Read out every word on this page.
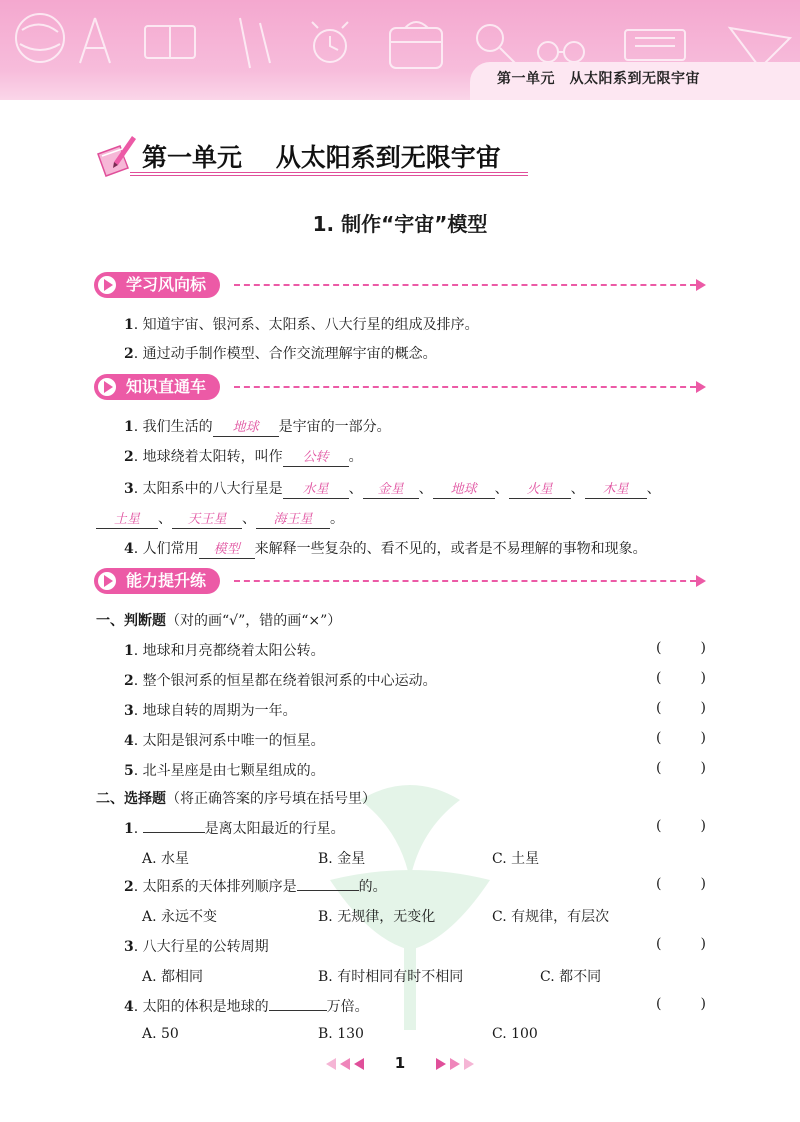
第一单元　从太阳系到无限宇宙
第一单元　 从太阳系到无限宇宙
1. 制作“宇宙”模型
学习风向标
1. 知道宇宙、银河系、太阳系、八大行星的组成及排序。
2. 通过动手制作模型、合作交流理解宇宙的概念。
知识直通车
1. 我们生活的 地球 是宇宙的一部分。
2. 地球绕着太阳转，叫作 公转 。
3. 太阳系中的八大行星是 水星 、 金星 、 地球 、 火星 、 木星 、
土星 、 天王星 、 海王星 。
4. 人们常用 模型 来解释一些复杂的、看不见的，或者是不易理解的事物和现象。
能力提升练
一、判断题（对的画“√”，错的画“×”）
1. 地球和月亮都绕着太阳公转。	(	)
2. 整个银河系的恒星都在绕着银河系的中心运动。	(	)
3. 地球自转的周期为一年。	(	)
4. 太阳是银河系中唯一的恒星。	(	)
5. 北斗星座是由七颗星组成的。	(	)
二、选择题（将正确答案的序号填在括号里）
1.	是离太阳最近的行星。	(	)
A. 水星	B. 金星	C. 土星
2. 太阳系的天体排列顺序是	的。	(	)
A. 永远不变	B. 无规律，无变化	C. 有规律，有层次
3. 八大行星的公转周期	(	)
A. 都相同	B. 有时相同有时不相同	C. 都不同
4. 太阳的体积是地球的	万倍。	(	)
A. 50	B. 130	C. 100
1
